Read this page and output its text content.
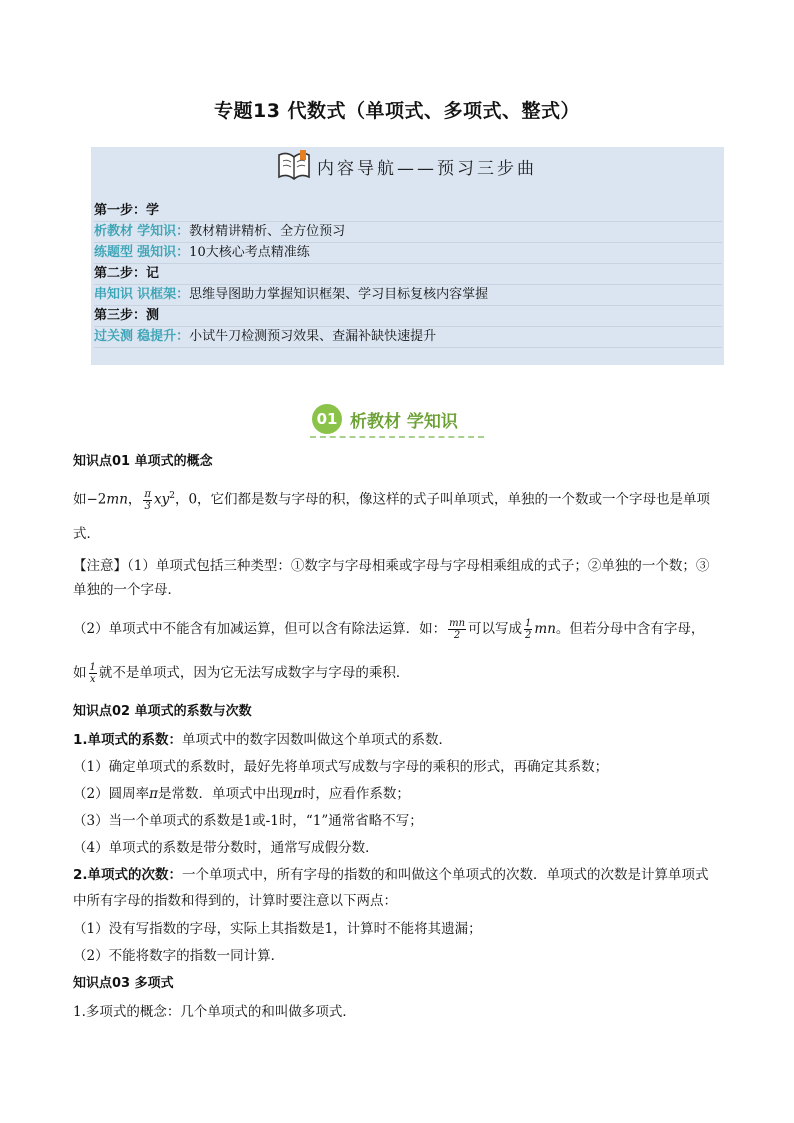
专题13 代数式（单项式、多项式、整式）
内容导航——预习三步曲
第一步：学
析教材 学知识：教材精讲精析、全方位预习
练题型 强知识：10大核心考点精准练
第二步：记
串知识 识框架：思维导图助力掌握知识框架、学习目标复核内容掌握
第三步：测
过关测 稳提升：小试牛刀检测预习效果、查漏补缺快速提升
01 析教材 学知识
知识点01 单项式的概念
如−2mn， $\frac{\pi}{3} xy^2$，0，它们都是数与字母的积，像这样的式子叫单项式，单独的一个数或一个字母也是单项
式．
【注意】（1）单项式包括三种类型：①数字与字母相乘或字母与字母相乘组成的式子；②单独的一个数；③
单独的一个字母．
（2）单项式中不能含有加减运算，但可以含有除法运算．如： $\frac{mn}{2}$ 可以写成 $\frac{1}{2}$ mn。但若分母中含有字母，
如 $\frac{1}{x}$ 就不是单项式，因为它无法写成数字与字母的乘积．
知识点02 单项式的系数与次数
1.单项式的系数：单项式中的数字因数叫做这个单项式的系数．
（1）确定单项式的系数时，最好先将单项式写成数与字母的乘积的形式，再确定其系数；
（2）圆周率π是常数．单项式中出现π时，应看作系数；
（3）当一个单项式的系数是1或-1时，“1”通常省略不写；
（4）单项式的系数是带分数时，通常写成假分数．
2.单项式的次数：一个单项式中，所有字母的指数的和叫做这个单项式的次数．单项式的次数是计算单项式
中所有字母的指数和得到的，计算时要注意以下两点：
（1）没有写指数的字母，实际上其指数是1，计算时不能将其遗漏；
（2）不能将数字的指数一同计算．
知识点03 多项式
1.多项式的概念：几个单项式的和叫做多项式．
